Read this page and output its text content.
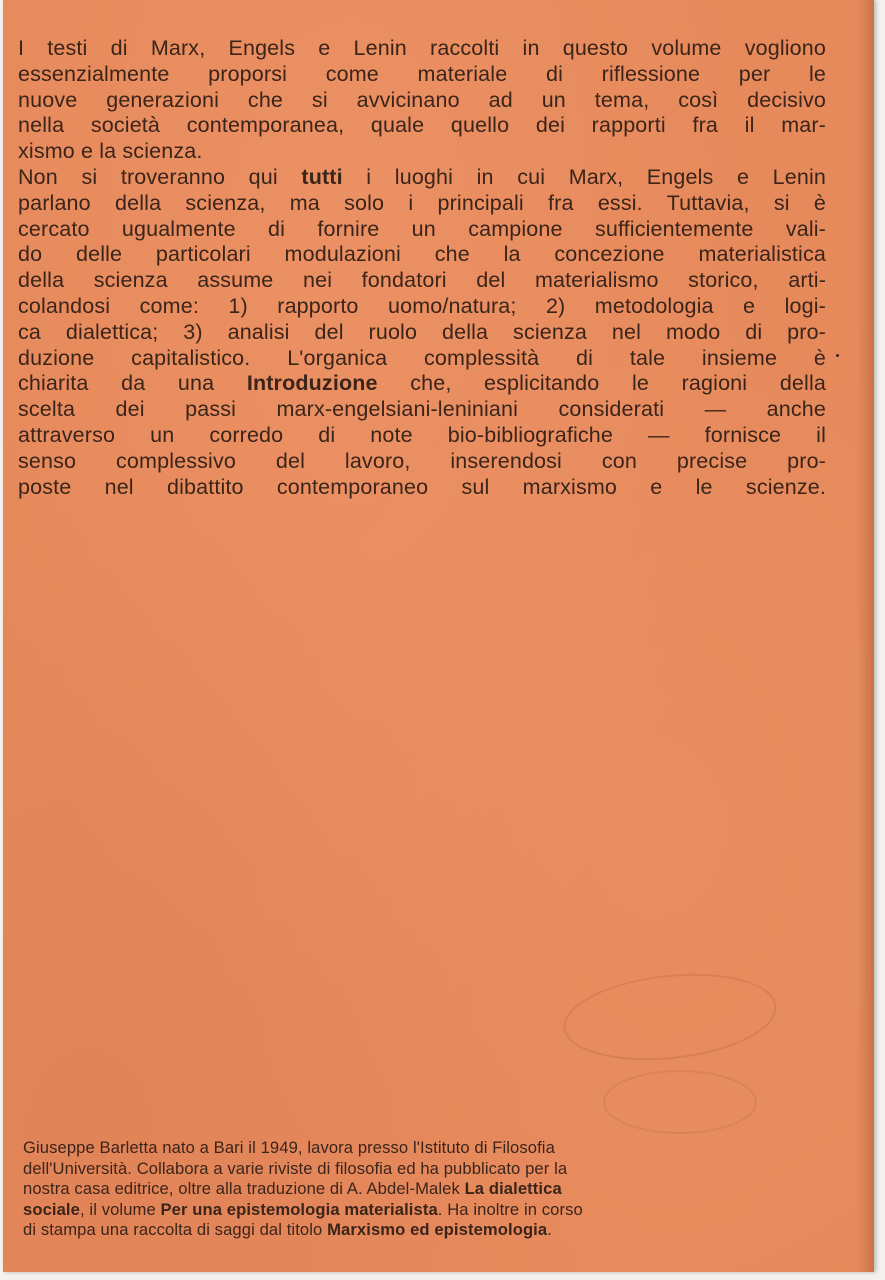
I testi di Marx, Engels e Lenin raccolti in questo volume vogliono
essenzialmente proporsi come materiale di riflessione per le
nuove generazioni che si avvicinano ad un tema, così decisivo
nella società contemporanea, quale quello dei rapporti fra il mar-
xismo e la scienza.
Non si troveranno qui tutti i luoghi in cui Marx, Engels e Lenin
parlano della scienza, ma solo i principali fra essi. Tuttavia, si è
cercato ugualmente di fornire un campione sufficientemente vali-
do delle particolari modulazioni che la concezione materialistica
della scienza assume nei fondatori del materialismo storico, arti-
colandosi come: 1) rapporto uomo/natura; 2) metodologia e logi-
ca dialettica; 3) analisi del ruolo della scienza nel modo di pro-
duzione capitalistico. L'organica complessità di tale insieme è
chiarita da una Introduzione che, esplicitando le ragioni della
scelta dei passi marx-engelsiani-leniniani considerati — anche
attraverso un corredo di note bio-bibliografiche — fornisce il
senso complessivo del lavoro, inserendosi con precise pro-
poste nel dibattito contemporaneo sul marxismo e le scienze.
Giuseppe Barletta nato a Bari il 1949, lavora presso l'Istituto di Filosofia
dell'Università. Collabora a varie riviste di filosofia ed ha pubblicato per la
nostra casa editrice, oltre alla traduzione di A. Abdel-Malek La dialettica
sociale, il volume Per una epistemologia materialista. Ha inoltre in corso
di stampa una raccolta di saggi dal titolo Marxismo ed epistemologia.
